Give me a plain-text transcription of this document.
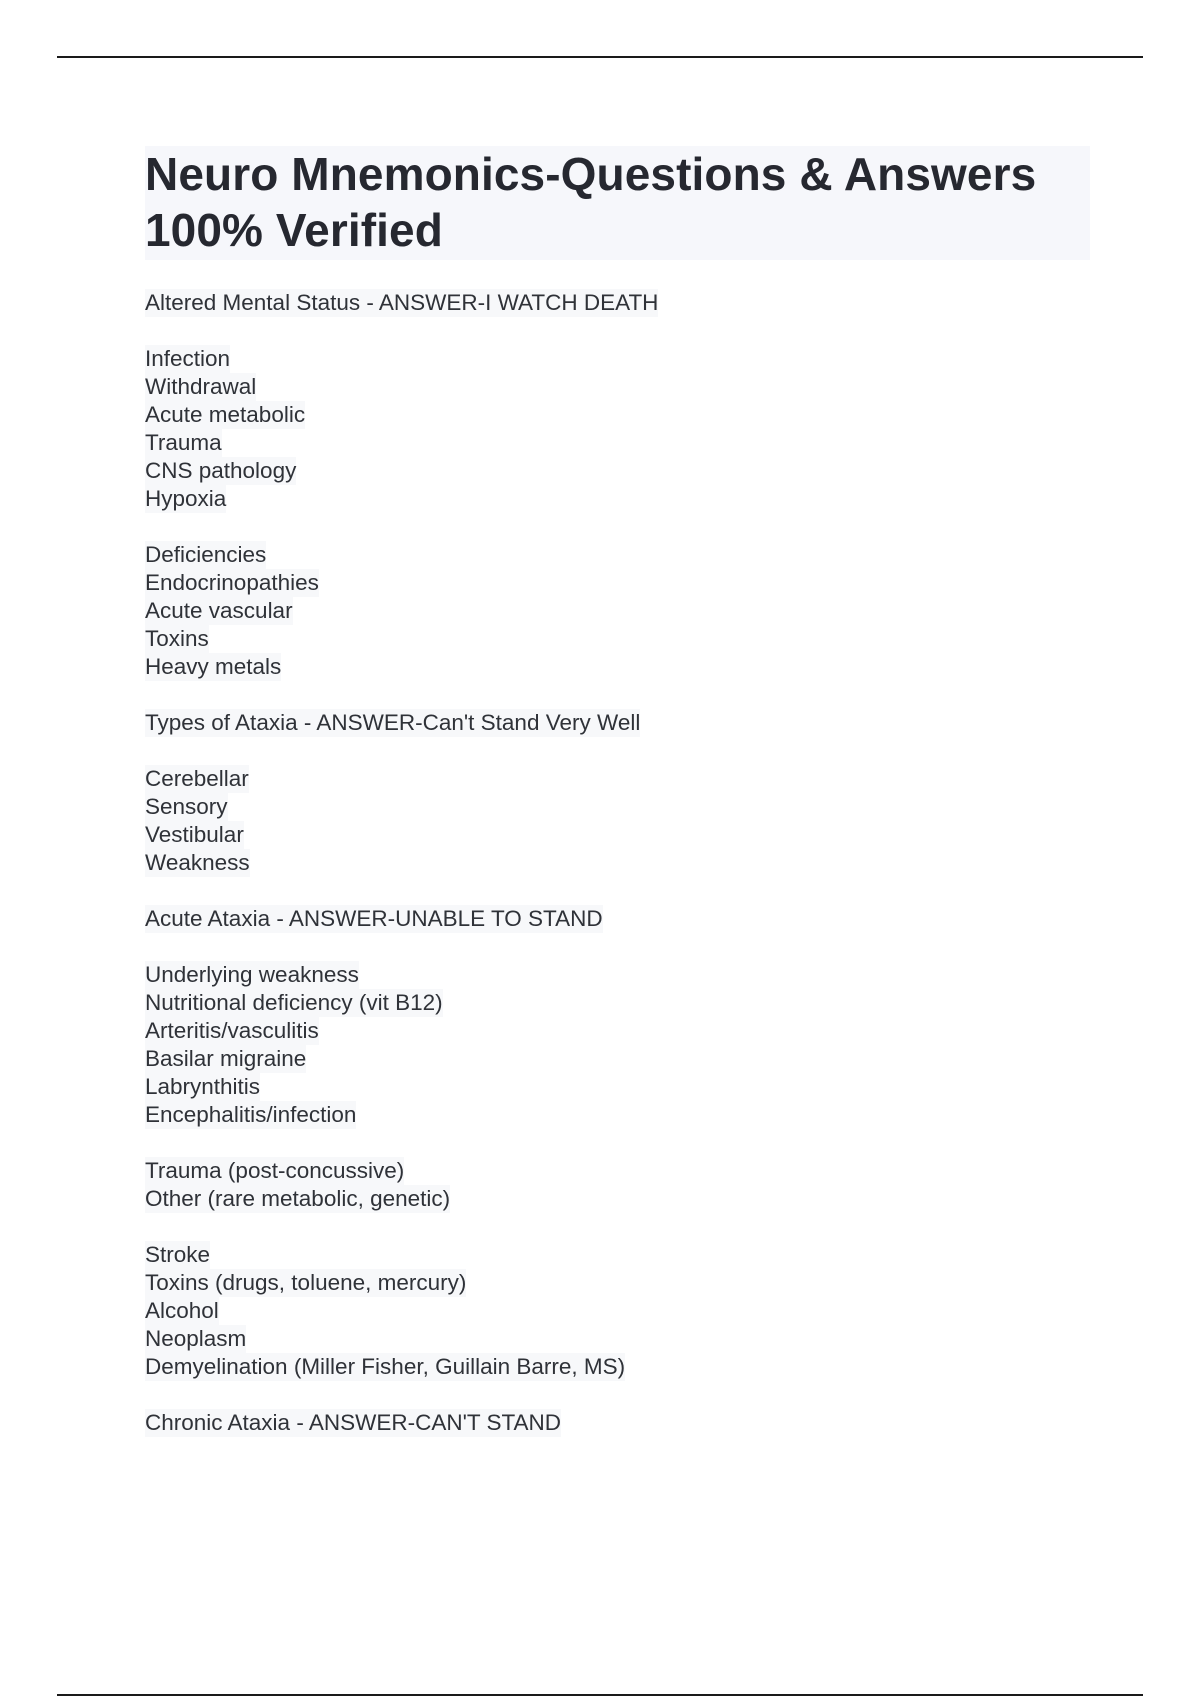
Neuro Mnemonics-Questions & Answers 100% Verified
Altered Mental Status - ANSWER-I WATCH DEATH
Infection
Withdrawal
Acute metabolic
Trauma
CNS pathology
Hypoxia
Deficiencies
Endocrinopathies
Acute vascular
Toxins
Heavy metals
Types of Ataxia - ANSWER-Can't Stand Very Well
Cerebellar
Sensory
Vestibular
Weakness
Acute Ataxia - ANSWER-UNABLE TO STAND
Underlying weakness
Nutritional deficiency (vit B12)
Arteritis/vasculitis
Basilar migraine
Labrynthitis
Encephalitis/infection
Trauma (post-concussive)
Other (rare metabolic, genetic)
Stroke
Toxins (drugs, toluene, mercury)
Alcohol
Neoplasm
Demyelination (Miller Fisher, Guillain Barre, MS)
Chronic Ataxia - ANSWER-CAN'T STAND
